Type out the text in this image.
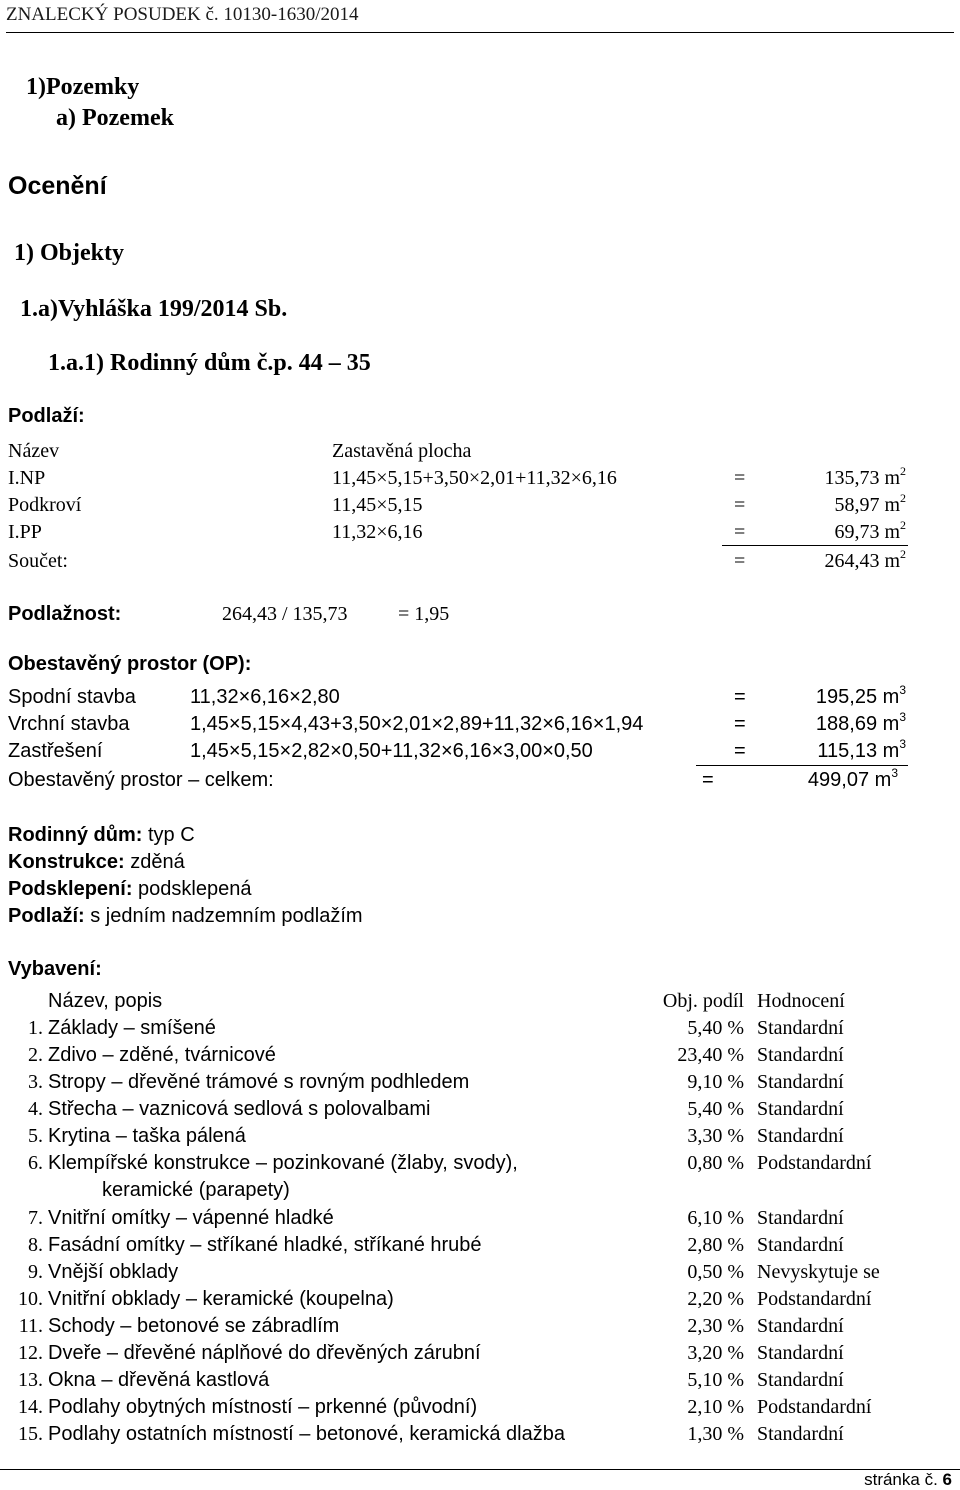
ZNALECKÝ POSUDEK č. 10130-1630/2014
1)Pozemky
a) Pozemek
Ocenění
1) Objekty
1.a)Vyhláška 199/2014 Sb.
1.a.1) Rodinný dům č.p. 44 – 35
Podlaží:
Název	Zastavěná plocha
I.NP	11,45×5,15+3,50×2,01+11,32×6,16	=	135,73 $m^2$
Podkroví	11,45×5,15	=	58,97 $m^2$
I.PP	11,32×6,16	=	69,73 $m^2$
Součet:	=	264,43 $m^2$
Podlažnost:	264,43 / 135,73	= 1,95
Obestavěný prostor (OP):
Spodní stavba	11,32×6,16×2,80	=	195,25 $m^3$
Vrchní stavba	1,45×5,15×4,43+3,50×2,01×2,89+11,32×6,16×1,94	=	188,69 $m^3$
Zastřešení	1,45×5,15×2,82×0,50+11,32×6,16×3,00×0,50	=	115,13 $m^3$
Obestavěný prostor – celkem:	=	499,07 $m^3$
Rodinný dům: typ C
Konstrukce: zděná
Podsklepení: podsklepená
Podlaží: s jedním nadzemním podlažím
Vybavení:
Název, popis	Obj. podíl Hodnocení
1. Základy – smíšené	5,40 % Standardní
2. Zdivo – zděné, tvárnicové	23,40 % Standardní
3. Stropy – dřevěné trámové s rovným podhledem	9,10 % Standardní
4. Střecha – vaznicová sedlová s polovalbami	5,40 % Standardní
5. Krytina – taška pálená	3,30 % Standardní
6. Klempířské konstrukce – pozinkované (žlaby, svody),
keramické (parapety)
0,80 % Podstandardní
7. Vnitřní omítky – vápenné hladké	6,10 % Standardní
8. Fasádní omítky – stříkané hladké, stříkané hrubé	2,80 % Standardní
9. Vnější obklady	0,50 % Nevyskytuje se
10. Vnitřní obklady – keramické (koupelna)	2,20 % Podstandardní
11. Schody – betonové se zábradlím	2,30 % Standardní
12. Dveře – dřevěné náplňové do dřevěných zárubní	3,20 % Standardní
13. Okna – dřevěná kastlová	5,10 % Standardní
14. Podlahy obytných místností – prkenné (původní)	2,10 % Podstandardní
15. Podlahy ostatních místností – betonové, keramická dlažba	1,30 % Standardní
stránka č. 6
